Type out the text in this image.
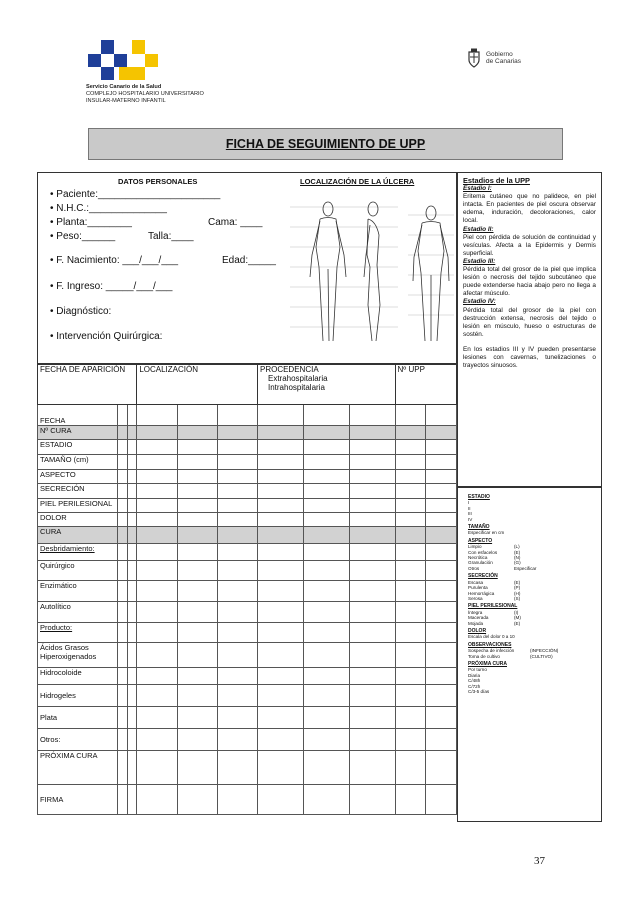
Servicio Canario de la Salud
COMPLEJO HOSPITALARIO UNIVERSITARIO
INSULAR-MATERNO INFANTIL
Gobierno
de Canarias
FICHA DE SEGUIMIENTO DE UPP
DATOS PERSONALES	LOCALIZACIÓN DE LA ÚLCERA
• Paciente:______________________
• N.H.C.:______________
• Planta:________	Cama: ____
• Peso:______	Talla:____
• F. Nacimiento: ___/___/___	Edad:_____
• F. Ingreso: _____/___/___
• Diagnóstico:
• Intervención Quirúrgica:
FECHA DE APARICIÓN			LOCALIZACIÓN			PROCEDENCIA
Extrahospitalaria
Intrahospitalaria			Nº UPP	
FECHA										
Nº CURA										
ESTADIO										
TAMAÑO (cm)										
ASPECTO										
SECRECIÓN										
PIEL PERILESIONAL										
DOLOR										
CURA										
Desbridamiento:										
Quirúrgico										
Enzimático										
Autolítico										
Producto:										

Ácidos Grasos
Hiperoxigenados										

Hidrocoloide										
Hidrogeles										
Plata										
Otros:										
PRÓXIMA CURA										
FIRMA										
Estadios de la UPP
Estadio I:

Eritema cutáneo que no palidece, en piel intacta. En pacientes de piel oscura observar edema, induración, decoloraciones, calor local.

Estadio II:

Piel con pérdida de solución de continuidad y vesículas. Afecta a la Epidermis y Dermis superficial.

Estadio III:

Pérdida total del grosor de la piel que implica lesión o necrosis del tejido subcutáneo que puede extenderse hacia abajo pero no llega a afectar músculo.

Estadio IV:

Pérdida total del grosor de la piel con destrucción extensa, necrosis del tejido o lesión en músculo, hueso o estructuras de sostén.

En los estadios III y IV pueden presentarse lesiones con cavernas, tunelizaciones o trayectos sinuosos.

ESTADIO
I
II
III
IV
TAMAÑO
Especificar en cm
ASPECTO
Limpio	(L)
Con esfacelos	(E)
Necrótica	(N)
Granulación	(G)
Otros	Especificar
SECRECIÓN
Escasa	(E)
Purulenta	(P)
Hemorrágica	(H)
Serosa	(S)
PIEL PERILESIONAL
Íntegra	(I)
Macerada	(M)
Mojada	(E)
DOLOR
Escala del dolor 0 a 10
OBSERVACIONES
Sospecha de infección	(INFECCIÓN)
Toma de cultivo	(CULTIVO)
PRÓXIMA CURA
Por turno
Diaria
C/48h
C/72h
C/3-5 días
37
